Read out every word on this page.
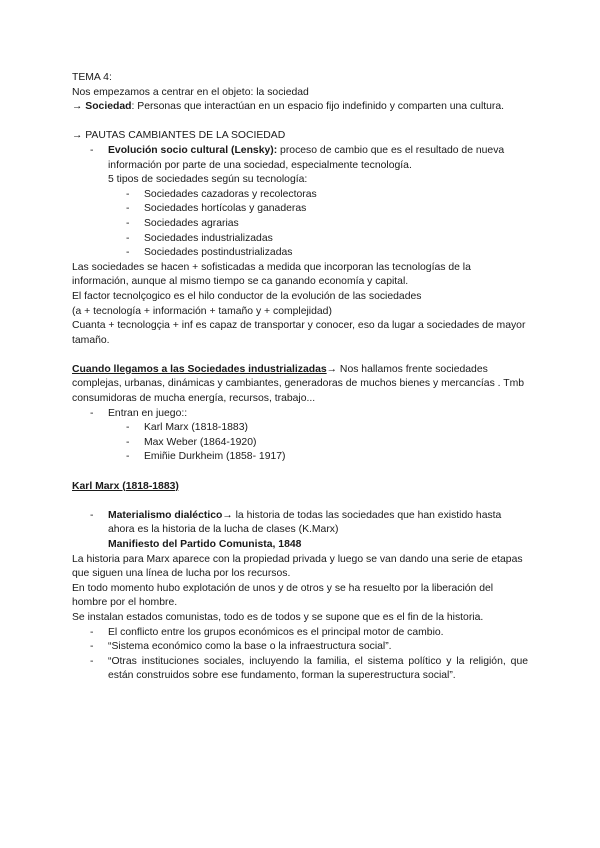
TEMA 4:

Nos empezamos a centrar en el objeto: la sociedad

→ Sociedad: Personas que interactúan en un espacio fijo indefinido y comparten una cultura.

→ PAUTAS CAMBIANTES DE LA SOCIEDAD

- Evolución socio cultural (Lensky): proceso de cambio que es el resultado de nueva información por parte de una sociedad, especialmente tecnología.

5 tipos de sociedades según su tecnología:

- Sociedades cazadoras y recolectoras
- Sociedades hortícolas y ganaderas
- Sociedades agrarias
- Sociedades industrializadas
- Sociedades postindustrializadas

Las sociedades se hacen + sofisticadas a medida que incorporan las tecnologías de la información, aunque al mismo tiempo se ca ganando economía y capital.

El factor tecnolçogico es el hilo conductor de la evolución de las sociedades

(a + tecnología + información + tamaño y + complejidad)

Cuanta + tecnologçia + inf es capaz de transportar y conocer, eso da lugar a sociedades de mayor tamaño.

Cuando llegamos a las Sociedades industrializadas→ Nos hallamos frente sociedades complejas, urbanas, dinámicas y cambiantes, generadoras de muchos bienes y mercancías . Tmb consumidoras de mucha energía, recursos, trabajo...

- Entran en juego::
- Karl Marx (1818-1883)
- Max Weber (1864-1920)
- Emiñie Durkheim (1858- 1917)

Karl Marx (1818-1883)

- Materialismo dialéctico→ la historia de todas las sociedades que han existido hasta ahora es la historia de la lucha de clases (K.Marx)
Manifiesto del Partido Comunista, 1848

La historia para Marx aparece con la propiedad privada y luego se van dando una serie de etapas que siguen una línea de lucha por los recursos.

En todo momento hubo explotación de unos y de otros y se ha resuelto por la liberación del hombre por el hombre.

Se instalan estados comunistas, todo es de todos y se supone que es el fin de la historia.

- El conflicto entre los grupos económicos es el principal motor de cambio.
- “Sistema económico como la base o la infraestructura social”.
- “Otras instituciones sociales, incluyendo la familia, el sistema político y la religión, que están construidos sobre ese fundamento, forman la superestructura social”.
